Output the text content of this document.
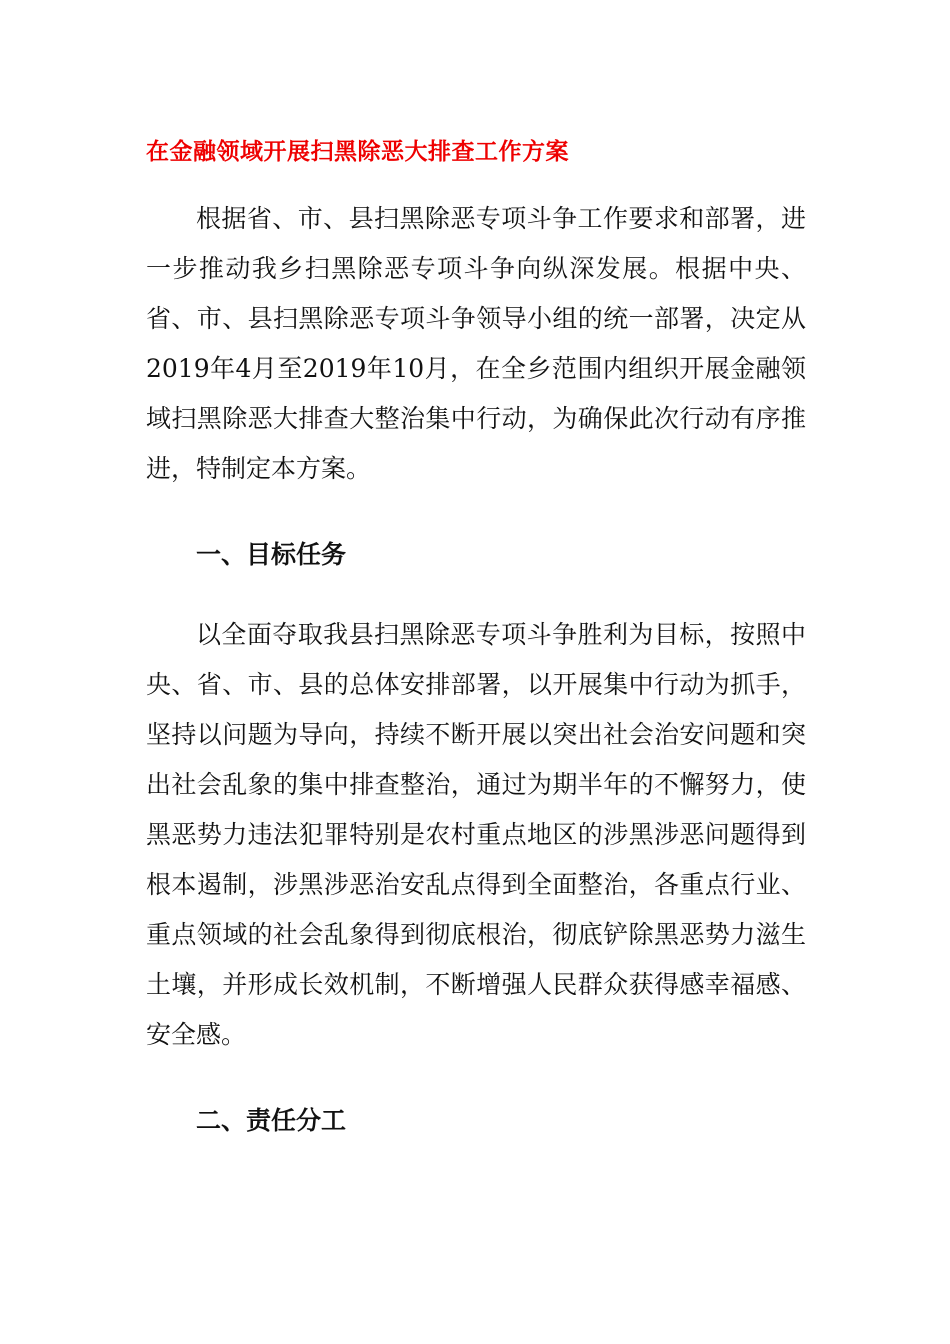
在金融领域开展扫黑除恶大排查工作方案

根据省、市、县扫黑除恶专项斗争工作要求和部署，进一步推动我乡扫黑除恶专项斗争向纵深发展。根据中央、省、市、县扫黑除恶专项斗争领导小组的统一部署，决定从2019年4月至2019年10月，在全乡范围内组织开展金融领域扫黑除恶大排查大整治集中行动，为确保此次行动有序推进，特制定本方案。

一、目标任务

以全面夺取我县扫黑除恶专项斗争胜利为目标，按照中央、省、市、县的总体安排部署，以开展集中行动为抓手，坚持以问题为导向，持续不断开展以突出社会治安问题和突出社会乱象的集中排查整治，通过为期半年的不懈努力，使黑恶势力违法犯罪特别是农村重点地区的涉黑涉恶问题得到根本遏制，涉黑涉恶治安乱点得到全面整治，各重点行业、重点领域的社会乱象得到彻底根治，彻底铲除黑恶势力滋生土壤，并形成长效机制，不断增强人民群众获得感幸福感、安全感。

二、责任分工
